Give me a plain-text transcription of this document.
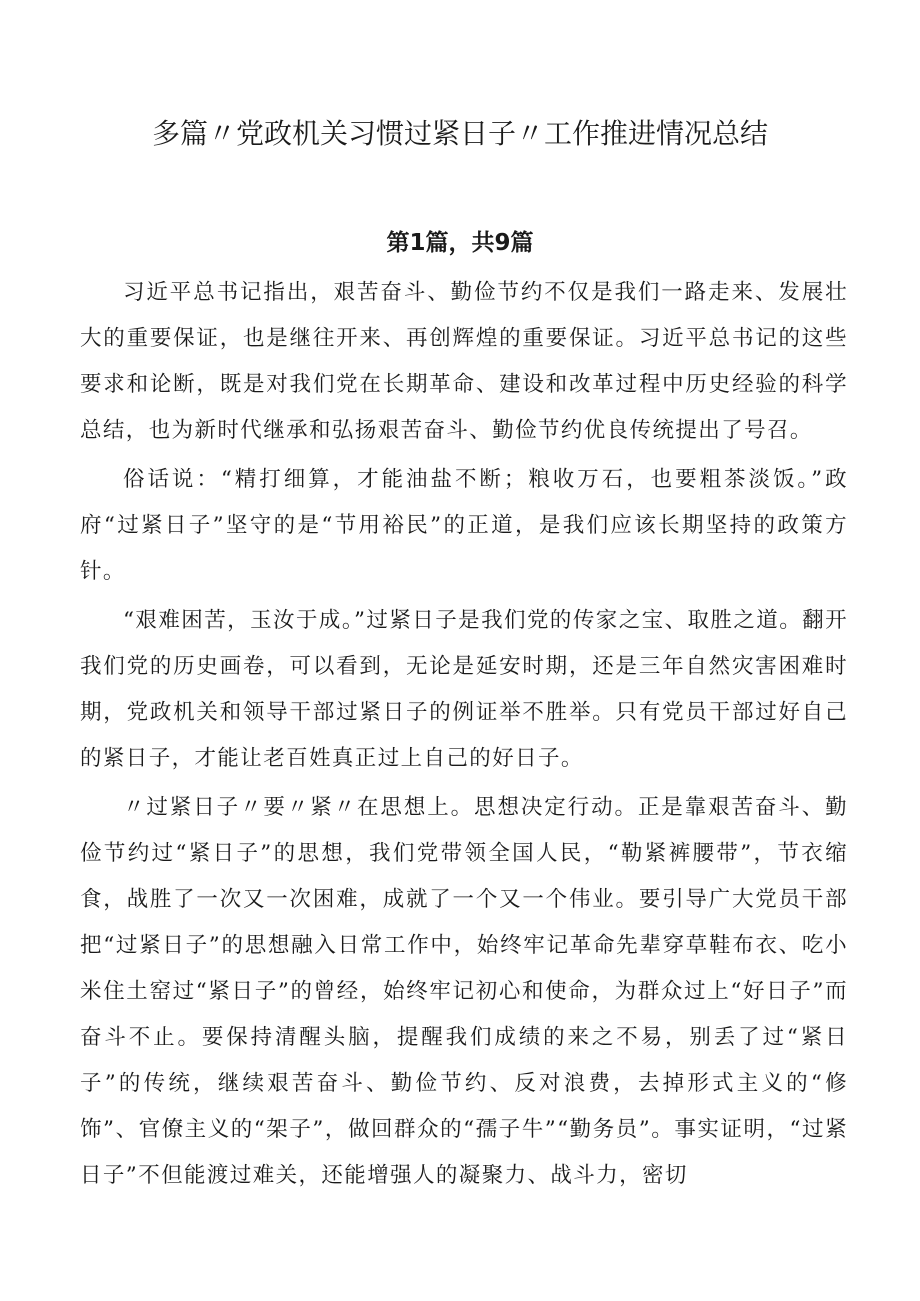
多篇〃党政机关习惯过紧日子〃工作推进情况总结
第1篇，共9篇

习近平总书记指出，艰苦奋斗、勤俭节约不仅是我们一路走来、发展壮大的重要保证，也是继往开来、再创辉煌的重要保证。习近平总书记的这些要求和论断，既是对我们党在长期革命、建设和改革过程中历史经验的科学总结，也为新时代继承和弘扬艰苦奋斗、勤俭节约优良传统提出了号召。

俗话说：“精打细算，才能油盐不断；粮收万石，也要粗茶淡饭。”政府“过紧日子”坚守的是“节用裕民”的正道，是我们应该长期坚持的政策方针。

“艰难困苦，玉汝于成。”过紧日子是我们党的传家之宝、取胜之道。翻开我们党的历史画卷，可以看到，无论是延安时期，还是三年自然灾害困难时期，党政机关和领导干部过紧日子的例证举不胜举。只有党员干部过好自己的紧日子，才能让老百姓真正过上自己的好日子。

〃过紧日子〃要〃紧〃在思想上。思想决定行动。正是靠艰苦奋斗、勤俭节约过“紧日子”的思想，我们党带领全国人民，“勒紧裤腰带”，节衣缩食，战胜了一次又一次困难，成就了一个又一个伟业。要引导广大党员干部把“过紧日子”的思想融入日常工作中，始终牢记革命先辈穿草鞋布衣、吃小米住土窑过“紧日子”的曾经，始终牢记初心和使命，为群众过上“好日子”而奋斗不止。要保持清醒头脑，提醒我们成绩的来之不易，别丢了过“紧日子”的传统，继续艰苦奋斗、勤俭节约、反对浪费，去掉形式主义的“修饰”、官僚主义的“架子”，做回群众的“孺子牛”“勤务员”。事实证明，“过紧日子”不但能渡过难关，还能增强人的凝聚力、战斗力，密切
